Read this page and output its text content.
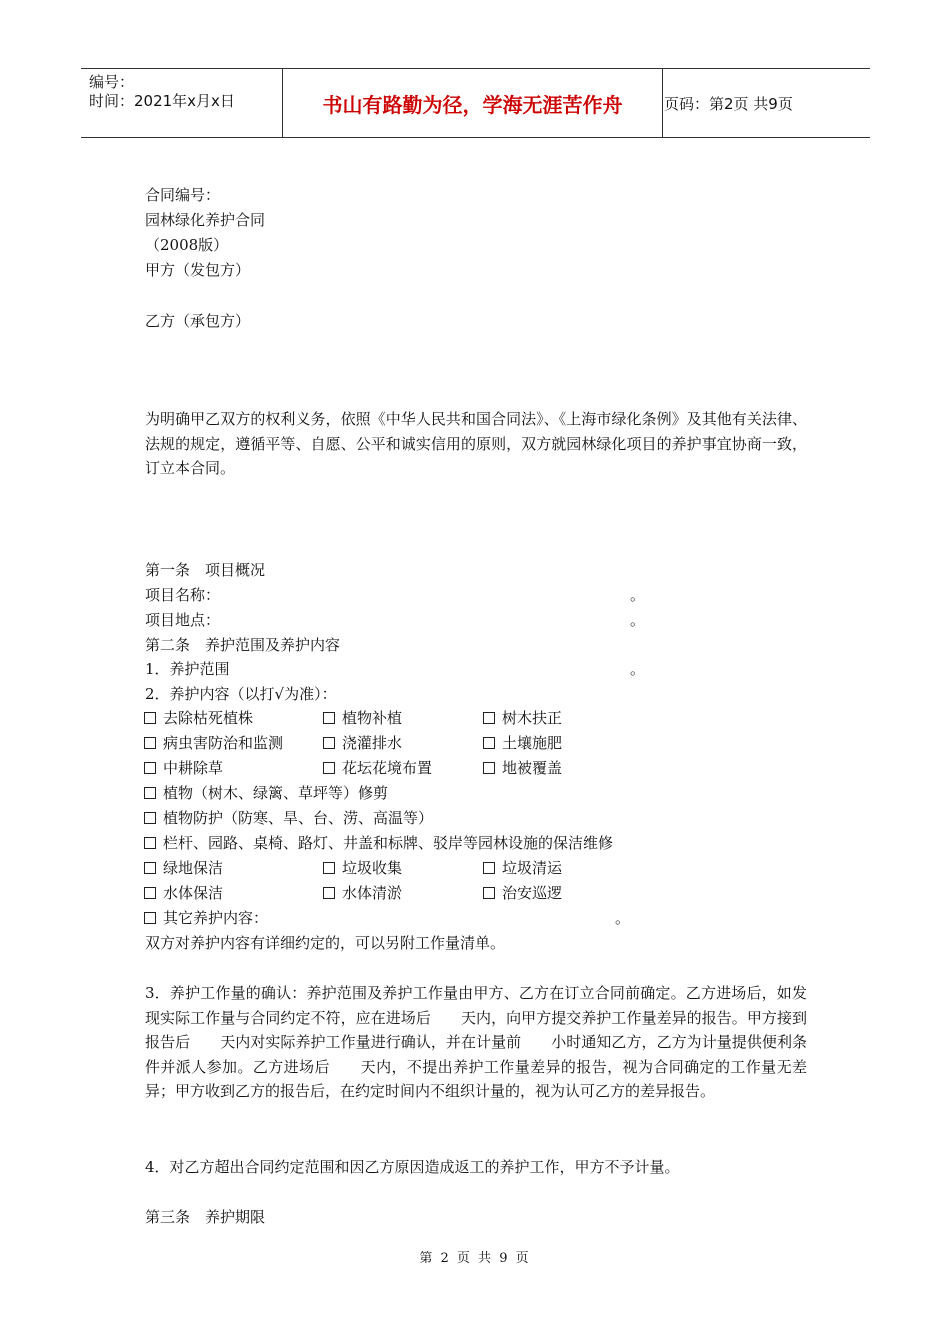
编号：
时间：2021年x月x日	书山有路勤为径，学海无涯苦作舟	页码：第2页 共9页
合同编号：
园林绿化养护合同
（2008版）
甲方（发包方）
乙方（承包方）
为明确甲乙双方的权利义务，依照《中华人民共和国合同法》、《上海市绿化条例》及其他有关法律、法规的规定，遵循平等、自愿、公平和诚实信用的原则，双方就园林绿化项目的养护事宜协商一致，订立本合同。
第一条　项目概况
项目名称：	。
项目地点：	。
第二条　养护范围及养护内容
1．养护范围	。
2．养护内容（以打√为准）：
去除枯死植株	植物补植	树木扶正
病虫害防治和监测	浇灌排水	土壤施肥
中耕除草	花坛花境布置	地被覆盖
植物（树木、绿篱、草坪等）修剪
植物防护（防寒、旱、台、涝、高温等）
栏杆、园路、桌椅、路灯、井盖和标牌、驳岸等园林设施的保洁维修
绿地保洁	垃圾收集	垃圾清运
水体保洁	水体清淤	治安巡逻
其它养护内容：	。
双方对养护内容有详细约定的，可以另附工作量清单。
3．养护工作量的确认：养护范围及养护工作量由甲方、乙方在订立合同前确定。乙方进场后，如发现实际工作量与合同约定不符，应在进场后　　天内，向甲方提交养护工作量差异的报告。甲方接到报告后　　天内对实际养护工作量进行确认，并在计量前　　小时通知乙方，乙方为计量提供便利条件并派人参加。乙方进场后　　天内，不提出养护工作量差异的报告，视为合同确定的工作量无差异；甲方收到乙方的报告后，在约定时间内不组织计量的，视为认可乙方的差异报告。
4．对乙方超出合同约定范围和因乙方原因造成返工的养护工作，甲方不予计量。
第三条　养护期限
第 2 页 共 9 页
